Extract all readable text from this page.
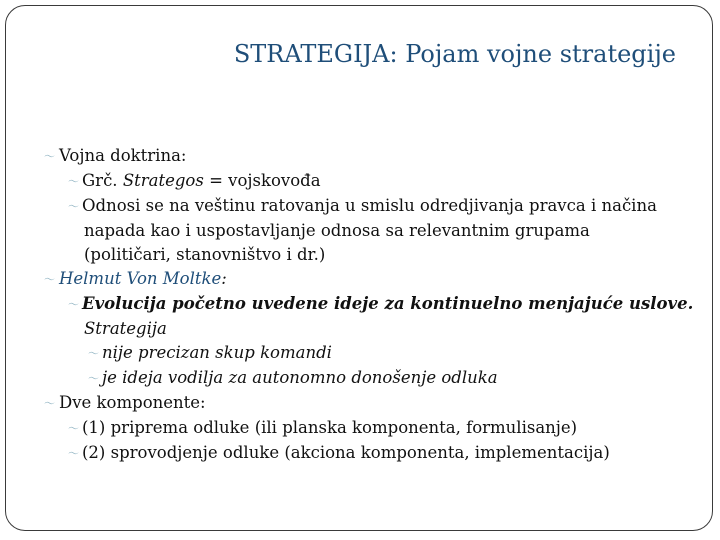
STRATEGIJA: Pojam vojne strategije
〜 Vojna doktrina:
〜 Grč. Strategos = vojskovođa
〜 Odnosi se na veštinu ratovanja u smislu odredjivanja pravca i načina
napada kao i uspostavljanje odnosa sa relevantnim grupama
(političari, stanovništvo i dr.)
〜 Helmut Von Moltke:
〜 Evolucija početno uvedene ideje za kontinuelno menjajuće uslove.
Strategija
〜 nije precizan skup komandi
〜 je ideja vodilja za autonomno donošenje odluka
〜 Dve komponente:
〜 (1) priprema odluke (ili planska komponenta, formulisanje)
〜 (2) sprovodjenje odluke (akciona komponenta, implementacija)
